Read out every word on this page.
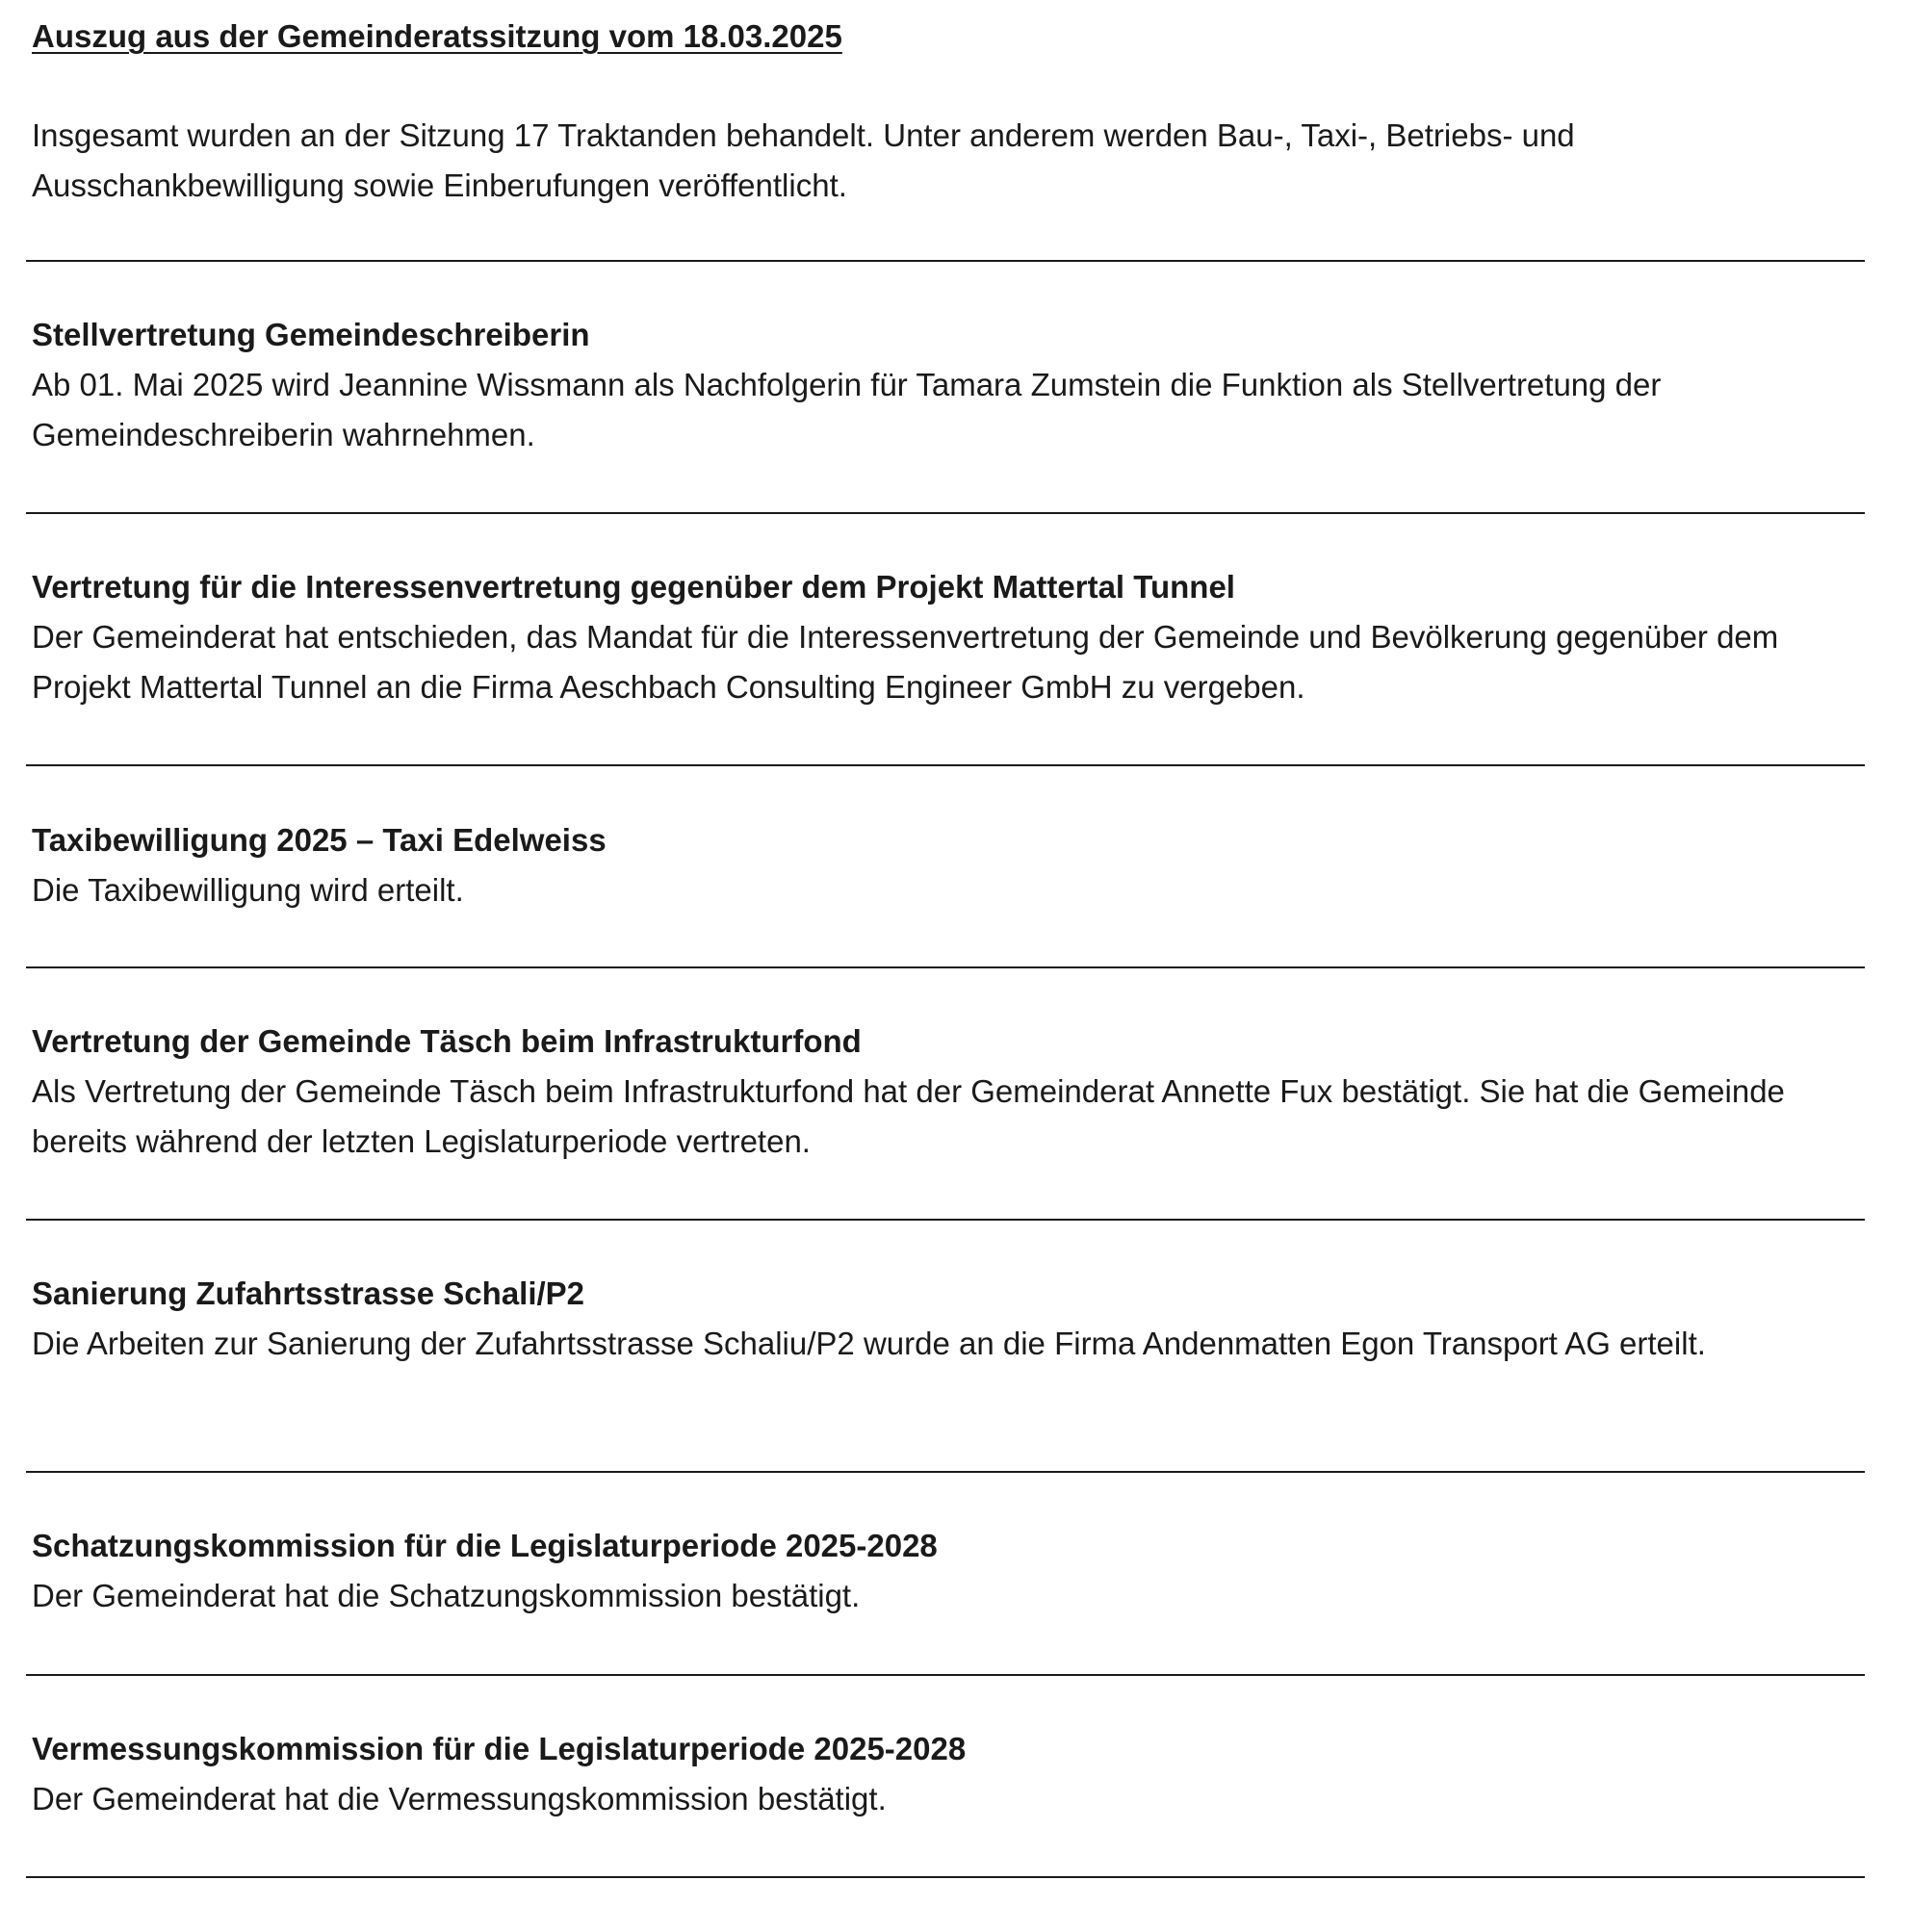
Auszug aus der Gemeinderatssitzung vom 18.03.2025

Insgesamt wurden an der Sitzung 17 Traktanden behandelt. Unter anderem werden Bau-, Taxi-, Betriebs- und Ausschankbewilligung sowie Einberufungen veröffentlicht.

Stellvertretung Gemeindeschreiberin

Ab 01. Mai 2025 wird Jeannine Wissmann als Nachfolgerin für Tamara Zumstein die Funktion als Stellvertretung der Gemeindeschreiberin wahrnehmen.

Vertretung für die Interessenvertretung gegenüber dem Projekt Mattertal Tunnel

Der Gemeinderat hat entschieden, das Mandat für die Interessenvertretung der Gemeinde und Bevölkerung gegenüber dem Projekt Mattertal Tunnel an die Firma Aeschbach Consulting Engineer GmbH zu vergeben.

Taxibewilligung 2025 – Taxi Edelweiss

Die Taxibewilligung wird erteilt.

Vertretung der Gemeinde Täsch beim Infrastrukturfond

Als Vertretung der Gemeinde Täsch beim Infrastrukturfond hat der Gemeinderat Annette Fux bestätigt. Sie hat die Gemeinde bereits während der letzten Legislaturperiode vertreten.

Sanierung Zufahrtsstrasse Schali/P2

Die Arbeiten zur Sanierung der Zufahrtsstrasse Schaliu/P2 wurde an die Firma Andenmatten Egon Transport AG erteilt.

Schatzungskommission für die Legislaturperiode 2025-2028

Der Gemeinderat hat die Schatzungskommission bestätigt.

Vermessungskommission für die Legislaturperiode 2025-2028

Der Gemeinderat hat die Vermessungskommission bestätigt.
